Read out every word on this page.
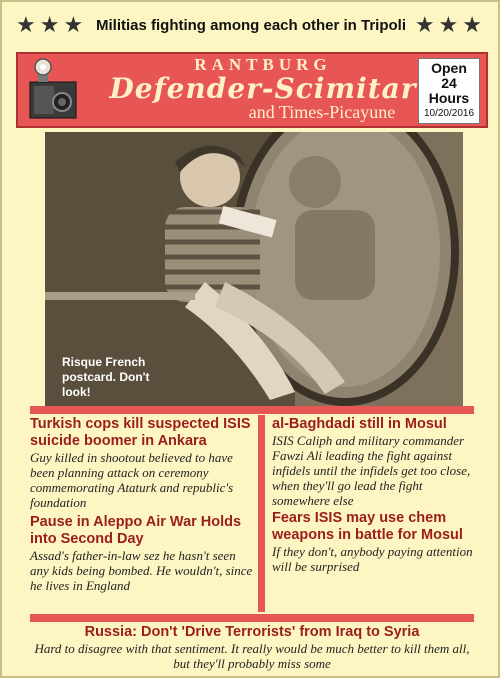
★★★ Militias fighting among each other in Tripoli ★★★
RANTBURG
Defender-Scimitar
and Times-Picayune
Open
24
Hours
10/20/2016
Risque French postcard. Don't look!
Turkish cops kill suspected ISIS suicide boomer in Ankara
Guy killed in shootout believed to have been planning attack on ceremony commemorating Ataturk and republic's foundation
Pause in Aleppo Air War Holds into Second Day
Assad's father-in-law sez he hasn't seen any kids being bombed. He wouldn't, since he lives in England
al-Baghdadi still in Mosul
ISIS Caliph and military commander Fawzi Ali leading the fight against infidels until the infidels get too close, when they'll go lead the fight somewhere else
Fears ISIS may use chem weapons in battle for Mosul
If they don't, anybody paying attention will be surprised
Russia: Don't 'Drive Terrorists' from Iraq to Syria
Hard to disagree with that sentiment. It really would be much better to kill them all, but they'll probably miss some
